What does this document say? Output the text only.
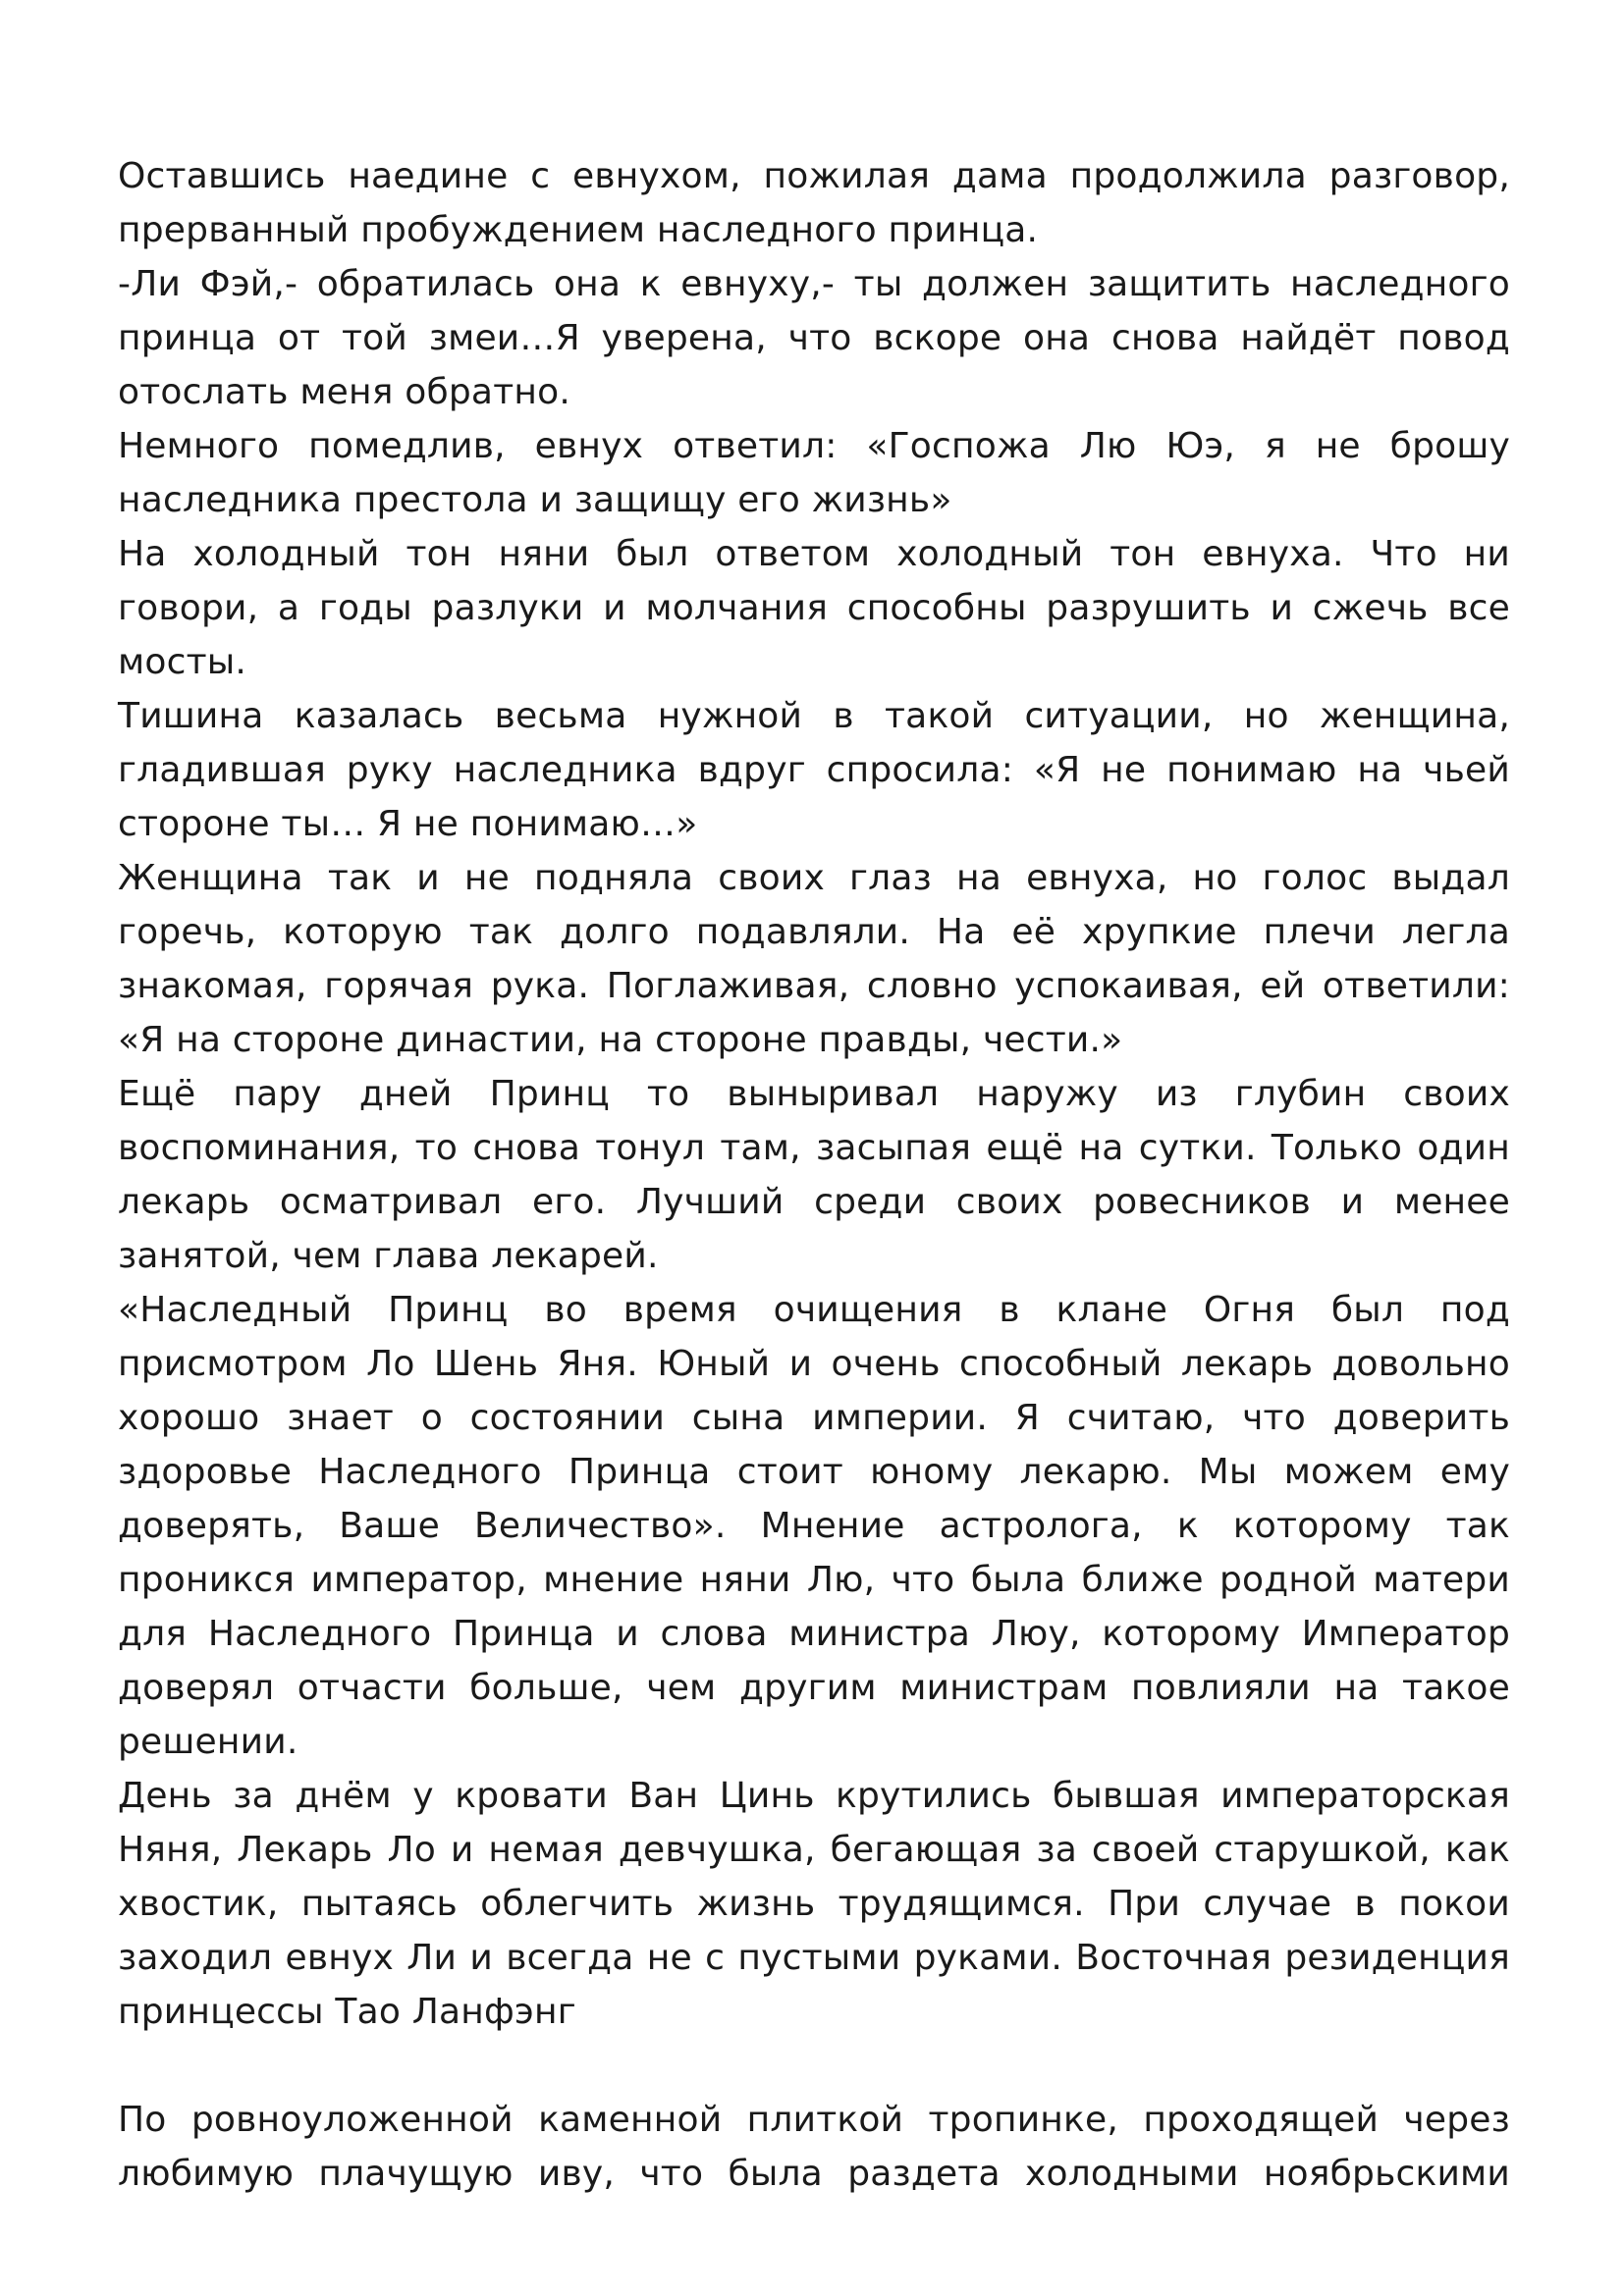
Оставшись наедине с евнухом, пожилая дама продолжила разговор, прерванный пробуждением наследного принца.

-Ли Фэй,- обратилась она к евнуху,- ты должен защитить наследного принца от той змеи…Я уверена, что вскоре она снова найдёт повод отослать меня обратно.

Немного помедлив, евнух ответил: «Госпожа Лю Юэ, я не брошу наследника престола и защищу его жизнь»

На холодный тон няни был ответом холодный тон евнуха. Что ни говори, а годы разлуки и молчания способны разрушить и сжечь все мосты.

Тишина казалась весьма нужной в такой ситуации, но женщина, гладившая руку наследника вдруг спросила: «Я не понимаю на чьей стороне ты… Я не понимаю…»

Женщина так и не подняла своих глаз на евнуха, но голос выдал горечь, которую так долго подавляли. На её хрупкие плечи легла знакомая, горячая рука. Поглаживая, словно успокаивая, ей ответили: «Я на стороне династии, на стороне правды, чести.»

Ещё пару дней Принц то выныривал наружу из глубин своих воспоминания, то снова тонул там, засыпая ещё на сутки. Только один лекарь осматривал его. Лучший среди своих ровесников и менее занятой, чем глава лекарей.

«Наследный Принц во время очищения в клане Огня был под присмотром Ло Шень Яня. Юный и очень способный лекарь довольно хорошо знает о состоянии сына империи. Я считаю, что доверить здоровье Наследного Принца стоит юному лекарю. Мы можем ему доверять, Ваше Величество». Мнение астролога, к которому так проникся император, мнение няни Лю, что была ближе родной матери для Наследного Принца и слова министра Люу, которому Император доверял отчасти больше, чем другим министрам повлияли на такое решении.

День за днём у кровати Ван Цинь крутились бывшая императорская Няня, Лекарь Ло и немая девчушка, бегающая за своей старушкой, как хвостик, пытаясь облегчить жизнь трудящимся. При случае в покои заходил евнух Ли и всегда не с пустыми руками. Восточная резиденция принцессы Тао Ланфэнг

По ровноуложенной каменной плиткой тропинке, проходящей через любимую плачущую иву, что была раздета холодными ноябрьскими
